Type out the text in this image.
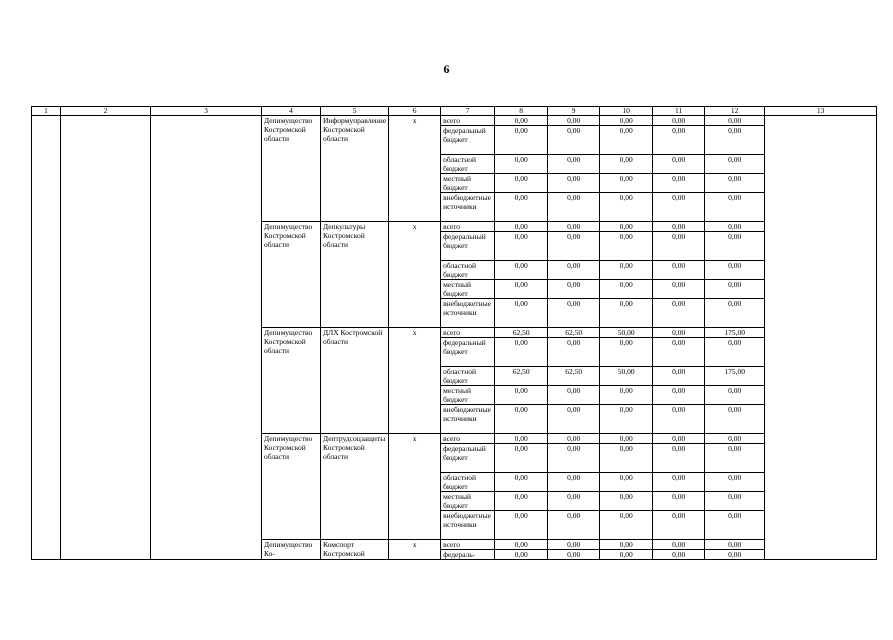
6
1	2	3	4	5	6	7	8	9	10	11	12	13
			Депимущество Костромской области	Информуправление Костромской области	х	всего	0,00	0,00	0,00	0,00	0,00	
						федеральный бюджет	0,00	0,00	0,00	0,00	0,00	
						областной бюджет	0,00	0,00	0,00	0,00	0,00	
						местный бюджет	0,00	0,00	0,00	0,00	0,00	
						внебюджетные источники	0,00	0,00	0,00	0,00	0,00	
			Депимущество Костромской области	Депкультуры Костромской области	х	всего	0,00	0,00	0,00	0,00	0,00	
						федеральный бюджет	0,00	0,00	0,00	0,00	0,00	
						областной бюджет	0,00	0,00	0,00	0,00	0,00	
						местный бюджет	0,00	0,00	0,00	0,00	0,00	
						внебюджетные источники	0,00	0,00	0,00	0,00	0,00	
			Депимущество Костромской области	ДЛХ Костромской области	х	всего	62,50	62,50	50,00	0,00	175,00	
						федеральный бюджет	0,00	0,00	0,00	0,00	0,00	
						областной бюджет	62,50	62,50	50,00	0,00	175,00	
						местный бюджет	0,00	0,00	0,00	0,00	0,00	
						внебюджетные источники	0,00	0,00	0,00	0,00	0,00	
			Депимущество Костромской области	Дептрудсоцзащиты Костромской области	х	всего	0,00	0,00	0,00	0,00	0,00	
						федеральный бюджет	0,00	0,00	0,00	0,00	0,00	
						областной бюджет	0,00	0,00	0,00	0,00	0,00	
						местный бюджет	0,00	0,00	0,00	0,00	0,00	
						внебюджетные источники	0,00	0,00	0,00	0,00	0,00	
			Депимущество Ко-	Комспорт Костромской	х	всего	0,00	0,00	0,00	0,00	0,00	
						федераль-	0,00	0,00	0,00	0,00	0,00	
